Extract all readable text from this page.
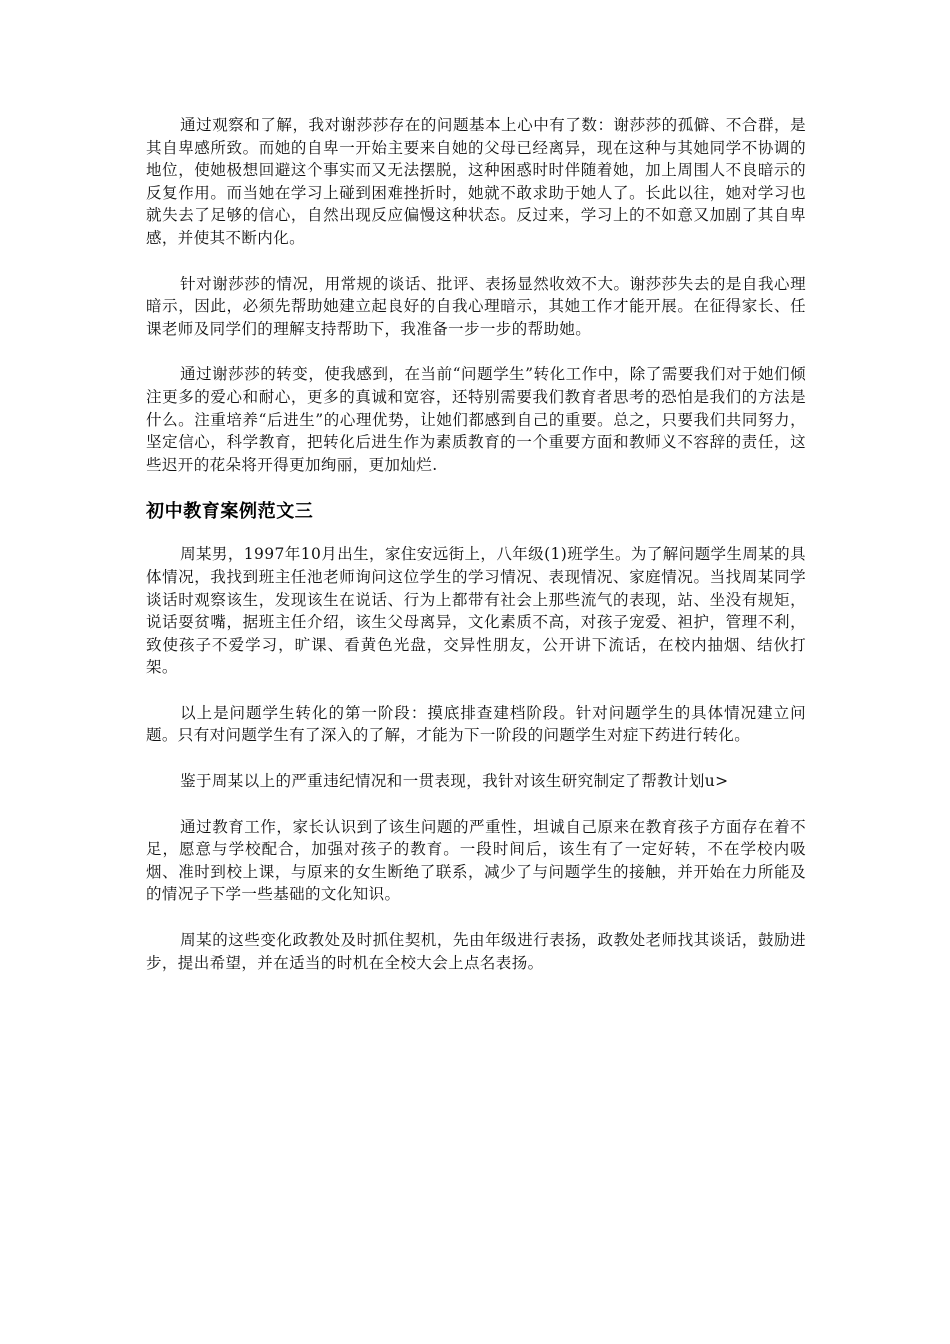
通过观察和了解，我对谢莎莎存在的问题基本上心中有了数：谢莎莎的孤僻、不合群，是其自卑感所致。而她的自卑一开始主要来自她的父母已经离异，现在这种与其她同学不协调的地位，使她极想回避这个事实而又无法摆脱，这种困惑时时伴随着她，加上周围人不良暗示的反复作用。而当她在学习上碰到困难挫折时，她就不敢求助于她人了。长此以往，她对学习也就失去了足够的信心，自然出现反应偏慢这种状态。反过来，学习上的不如意又加剧了其自卑感，并使其不断内化。

针对谢莎莎的情况，用常规的谈话、批评、表扬显然收效不大。谢莎莎失去的是自我心理暗示，因此，必须先帮助她建立起良好的自我心理暗示，其她工作才能开展。在征得家长、任课老师及同学们的理解支持帮助下，我准备一步一步的帮助她。

通过谢莎莎的转变，使我感到，在当前“问题学生”转化工作中，除了需要我们对于她们倾注更多的爱心和耐心，更多的真诚和宽容，还特别需要我们教育者思考的恐怕是我们的方法是什么。注重培养“后进生”的心理优势，让她们都感到自己的重要。总之，只要我们共同努力，坚定信心，科学教育，把转化后进生作为素质教育的一个重要方面和教师义不容辞的责任，这些迟开的花朵将开得更加绚丽，更加灿烂.

初中教育案例范文三

周某男，1997年10月出生，家住安远街上，八年级(1)班学生。为了解问题学生周某的具体情况，我找到班主任池老师询问这位学生的学习情况、表现情况、家庭情况。当找周某同学谈话时观察该生，发现该生在说话、行为上都带有社会上那些流气的表现，站、坐没有规矩，说话耍贫嘴，据班主任介绍，该生父母离异，文化素质不高，对孩子宠爱、袒护，管理不利，致使孩子不爱学习，旷课、看黄色光盘，交异性朋友，公开讲下流话，在校内抽烟、结伙打架。

以上是问题学生转化的第一阶段：摸底排查建档阶段。针对问题学生的具体情况建立问题。只有对问题学生有了深入的了解，才能为下一阶段的问题学生对症下药进行转化。

鉴于周某以上的严重违纪情况和一贯表现，我针对该生研究制定了帮教计划u>

通过教育工作，家长认识到了该生问题的严重性，坦诚自己原来在教育孩子方面存在着不足，愿意与学校配合，加强对孩子的教育。一段时间后，该生有了一定好转，不在学校内吸烟、准时到校上课，与原来的女生断绝了联系，减少了与问题学生的接触，并开始在力所能及的情况子下学一些基础的文化知识。

周某的这些变化政教处及时抓住契机，先由年级进行表扬，政教处老师找其谈话，鼓励进步，提出希望，并在适当的时机在全校大会上点名表扬。
